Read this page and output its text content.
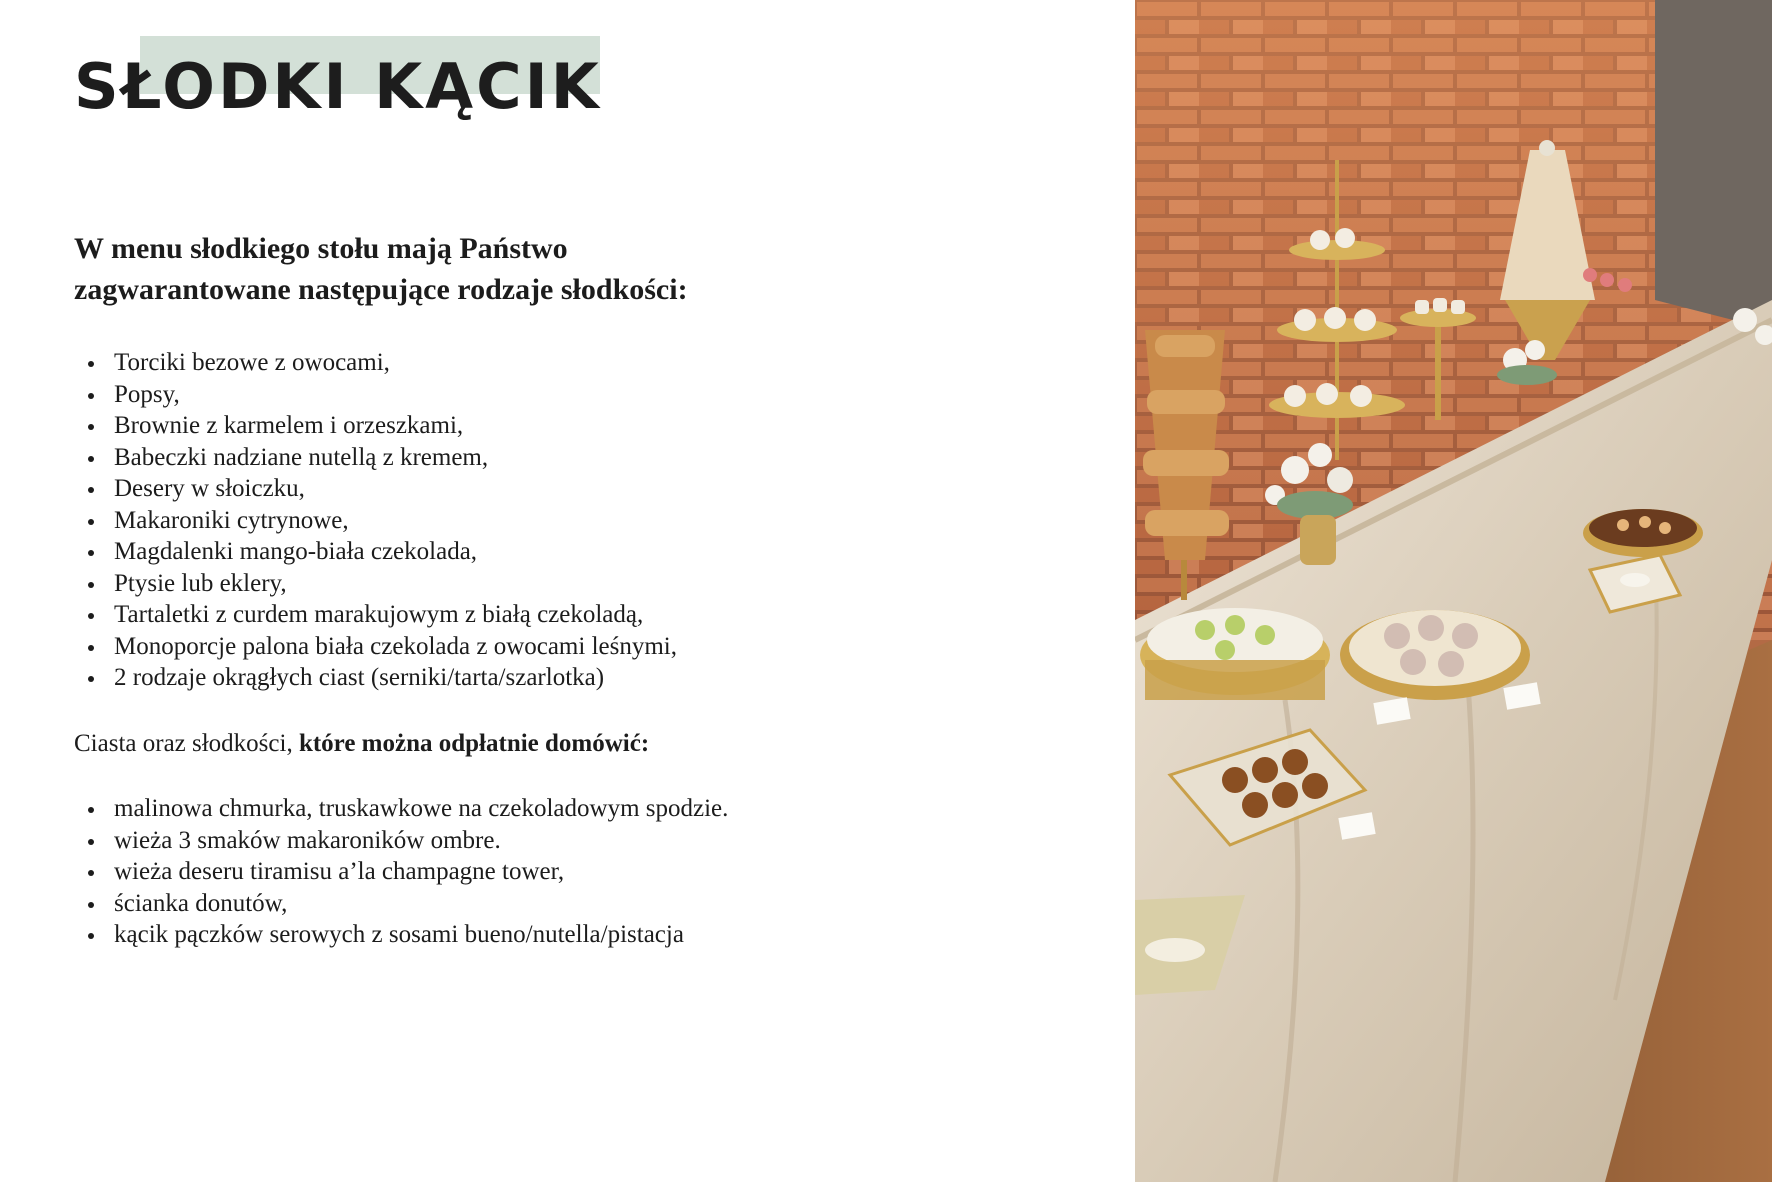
SŁODKI KĄCIK

W menu słodkiego stołu mają Państwo
zagwarantowane następujące rodzaje słodkości:

Torciki bezowe z owocami,
Popsy,
Brownie z karmelem i orzeszkami,
Babeczki nadziane nutellą z kremem,
Desery w słoiczku,
Makaroniki cytrynowe,
Magdalenki mango-biała czekolada,
Ptysie lub eklery,
Tartaletki z curdem marakujowym z białą czekoladą,
Monoporcje palona biała czekolada z owocami leśnymi,
2 rodzaje okrągłych ciast (serniki/tarta/szarlotka)

Ciasta oraz słodkości, które można odpłatnie domówić:

malinowa chmurka, truskawkowe na czekoladowym spodzie.
wieża 3 smaków makaroników ombre.
wieża deseru tiramisu a’la champagne tower,
ścianka donutów,
kącik pączków serowych z sosami bueno/nutella/pistacja
